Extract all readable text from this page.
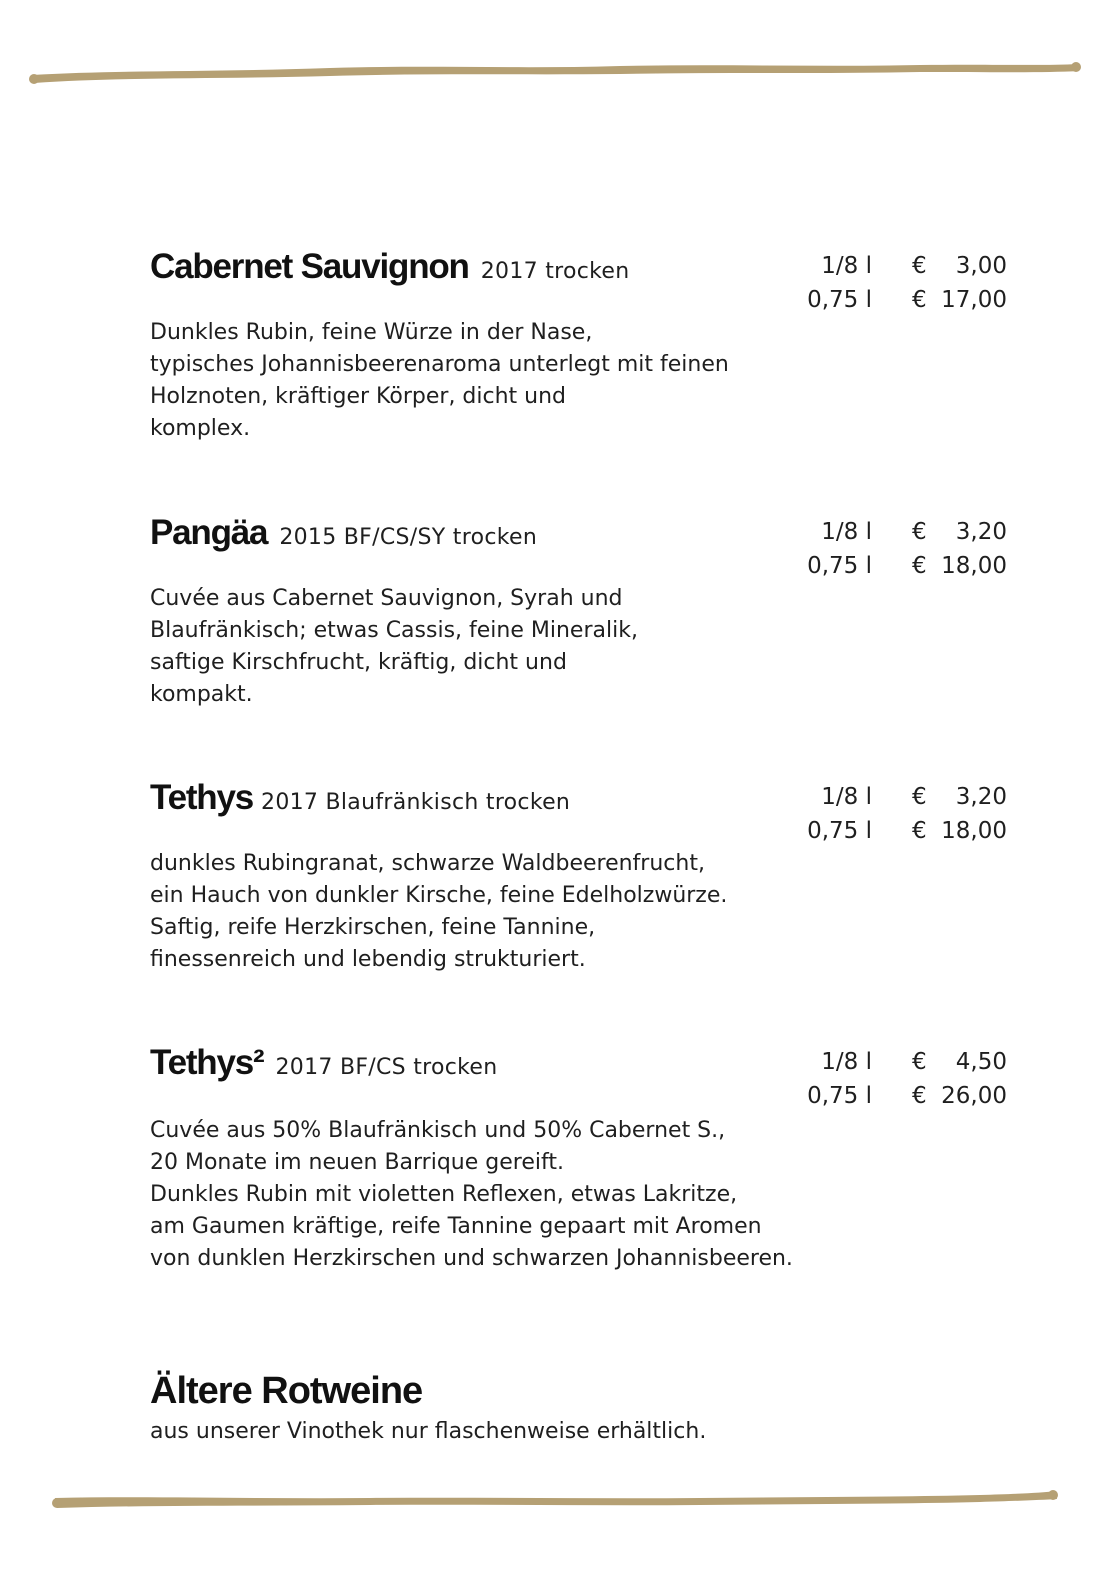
Cabernet Sauvignon 2017 trocken	1/8 l € 3,00
0,75 l € 17,00
Dunkles Rubin, feine Würze in der Nase,
typisches Johannisbeerenaroma unterlegt mit feinen
Holznoten, kräftiger Körper, dicht und
komplex.
Pangäa 2015 BF/CS/SY trocken	1/8 l € 3,20
0,75 l € 18,00
Cuvée aus Cabernet Sauvignon, Syrah und
Blaufränkisch; etwas Cassis, feine Mineralik,
saftige Kirschfrucht, kräftig, dicht und
kompakt.
Tethys 2017 Blaufränkisch trocken	1/8 l € 3,20
0,75 l € 18,00
dunkles Rubingranat, schwarze Waldbeerenfrucht,
ein Hauch von dunkler Kirsche, feine Edelholzwürze.
Saftig, reife Herzkirschen, feine Tannine,
finessenreich und lebendig strukturiert.
Tethys² 2017 BF/CS trocken	1/8 l € 4,50
0,75 l € 26,00
Cuvée aus 50% Blaufränkisch und 50% Cabernet S.,
20 Monate im neuen Barrique gereift.
Dunkles Rubin mit violetten Reflexen, etwas Lakritze,
am Gaumen kräftige, reife Tannine gepaart mit Aromen
von dunklen Herzkirschen und schwarzen Johannisbeeren.
Ältere Rotweine
aus unserer Vinothek nur flaschenweise erhältlich.
